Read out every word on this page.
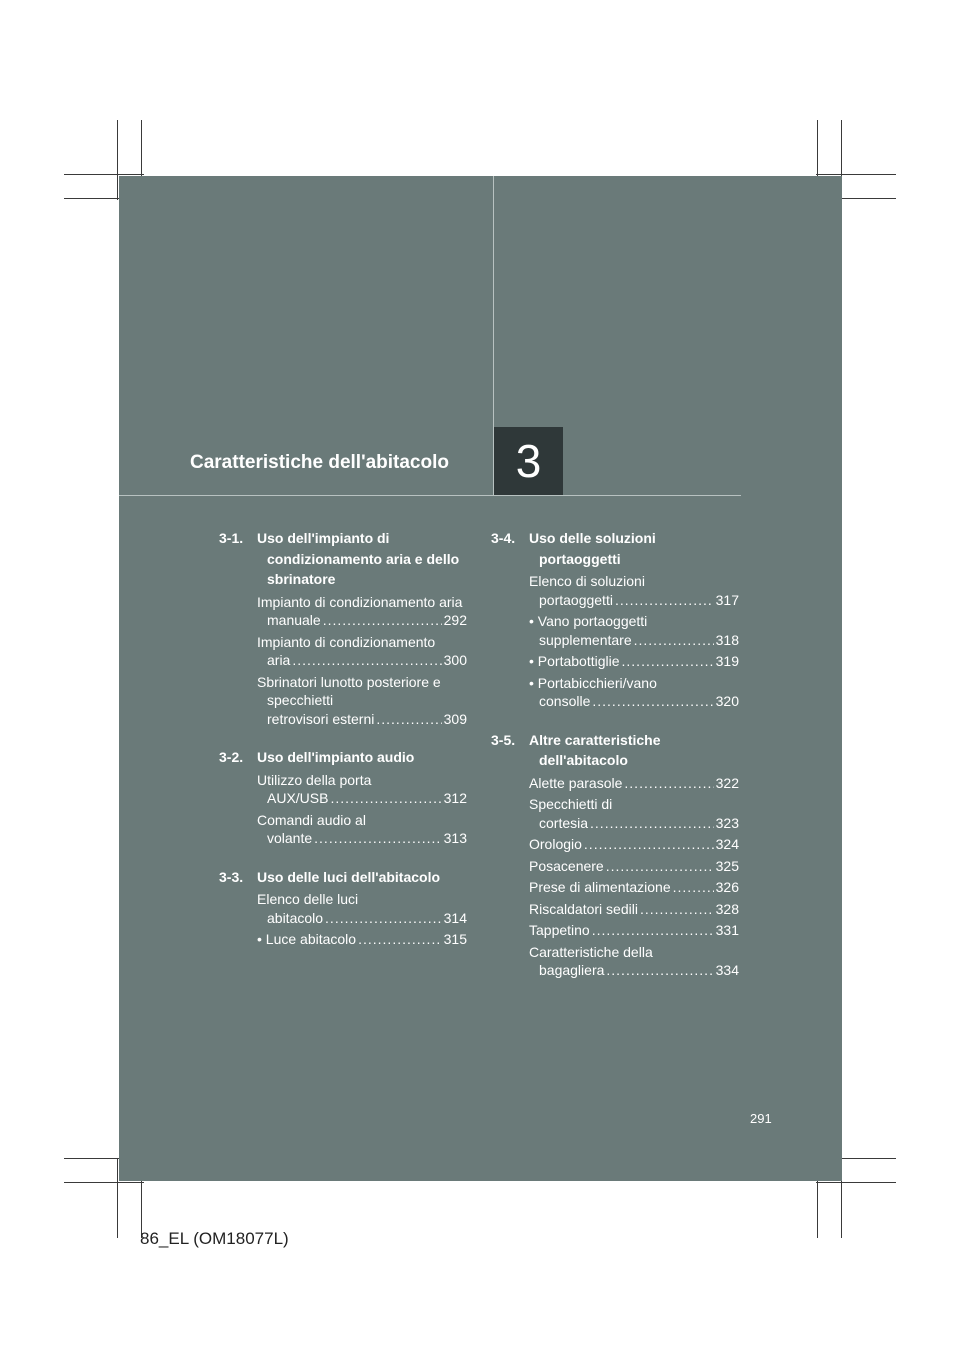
Caratteristiche dell'abitacolo	3
3-1. Uso dell'impianto di condizionamento aria e dello sbrinatore
Impianto di condizionamento aria
manuale .....	292
Impianto di condizionamento
aria .....	300
Sbrinatori lunotto posteriore e specchietti
retrovisori esterni .....	309
3-2. Uso dell'impianto audio
Utilizzo della porta
AUX/USB .....	312
Comandi audio al
volante .....	313
3-3. Uso delle luci dell'abitacolo
Elenco delle luci
abitacolo .....	314
• Luce abitacolo .....	315
3-4. Uso delle soluzioni portaoggetti
Elenco di soluzioni
portaoggetti .....	317
• Vano portaoggetti
supplementare .....	318
• Portabottiglie .....	319
• Portabicchieri/vano
consolle .....	320
3-5. Altre caratteristiche dell'abitacolo
Alette parasole .....	322
Specchietti di
cortesia .....	323
Orologio .....	324
Posacenere .....	325
Prese di alimentazione .....	326
Riscaldatori sedili .....	328
Tappetino .....	331
Caratteristiche della
bagagliera .....	334
291
86_EL (OM18077L)
